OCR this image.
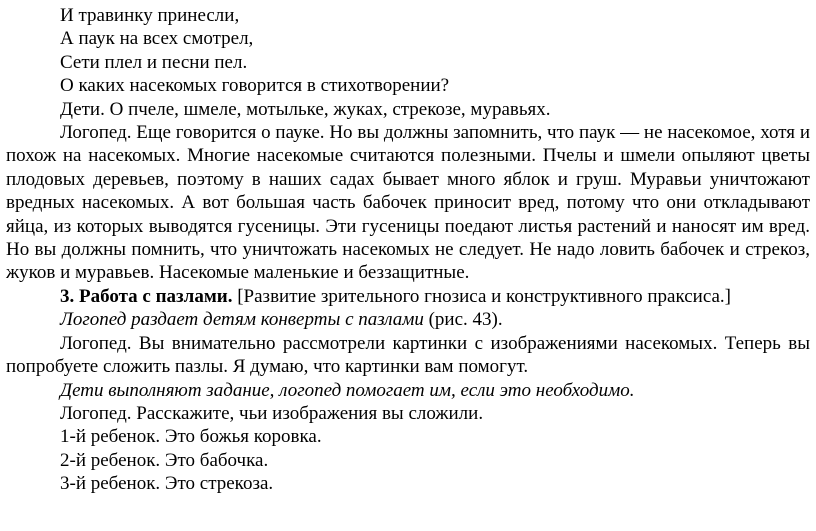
И травинку принесли,

А паук на всех смотрел,

Сети плел и песни пел.

О каких насекомых говорится в стихотворении?

Дети. О пчеле, шмеле, мотыльке, жуках, стрекозе, муравьях.

Логопед. Еще говорится о пауке. Но вы должны запомнить, что паук — не насекомое, хотя и похож на насекомых. Многие насекомые считаются полезными. Пчелы и шмели опыляют цветы плодовых деревьев, поэтому в наших садах бывает много яблок и груш. Муравьи уничтожают вредных насекомых. А вот большая часть бабочек приносит вред, потому что они откладывают яйца, из которых выводятся гусеницы. Эти гусеницы поедают листья растений и наносят им вред. Но вы должны помнить, что уничтожать насекомых не следует. Не надо ловить бабочек и стрекоз, жуков и муравьев. Насекомые маленькие и беззащитные.

3. Работа с пазлами. [Развитие зрительного гнозиса и конструктивного праксиса.]

Логопед раздает детям конверты с пазлами (рис. 43).

Логопед. Вы внимательно рассмотрели картинки с изображениями насекомых. Теперь вы попробуете сложить пазлы. Я думаю, что картинки вам помогут.

Дети выполняют задание, логопед помогает им, если это необходимо.

Логопед. Расскажите, чьи изображения вы сложили.

1-й ребенок. Это божья коровка.

2-й ребенок. Это бабочка.

3-й ребенок. Это стрекоза.
